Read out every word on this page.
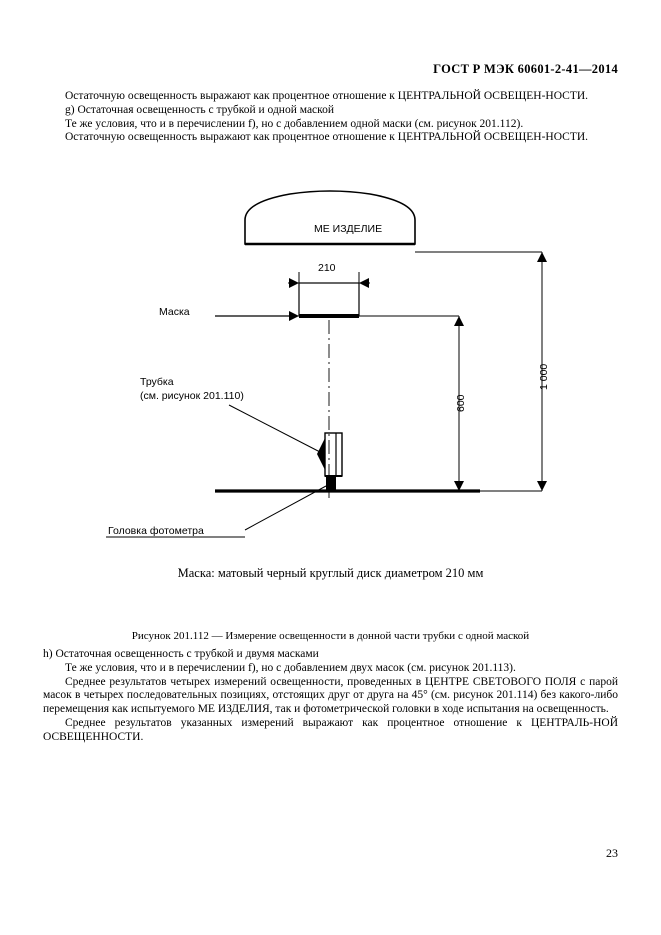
ГОСТ Р МЭК 60601-2-41—2014

Остаточную освещенность выражают как процентное отношение к ЦЕНТРАЛЬНОЙ ОСВЕЩЕН-НОСТИ.

g) Остаточная освещенность с трубкой и одной маской

Те же условия, что и в перечислении f), но с добавлением одной маски (см. рисунок 201.112).

Остаточную освещенность выражают как процентное отношение к ЦЕНТРАЛЬНОЙ ОСВЕЩЕН-НОСТИ.

МЕ ИЗДЕЛИЕ
Маска
Трубка
(см. рисунок 201.110)
Головка фотометра
210
600
1 000
Маска: матовый черный круглый диск диаметром 210 мм
Рисунок 201.112 — Измерение освещенности в донной части трубки с одной маской

h) Остаточная освещенность с трубкой и двумя масками

Те же условия, что и в перечислении f), но с добавлением двух масок (см. рисунок 201.113).

Среднее результатов четырех измерений освещенности, проведенных в ЦЕНТРЕ СВЕТОВОГО ПОЛЯ с парой масок в четырех последовательных позициях, отстоящих друг от друга на 45° (см. рисунок 201.114) без какого-либо перемещения как испытуемого МЕ ИЗДЕЛИЯ, так и фотометрической головки в ходе испытания на освещенность.

Среднее результатов указанных измерений выражают как процентное отношение к ЦЕНТРАЛЬ-НОЙ ОСВЕЩЕННОСТИ.

23
